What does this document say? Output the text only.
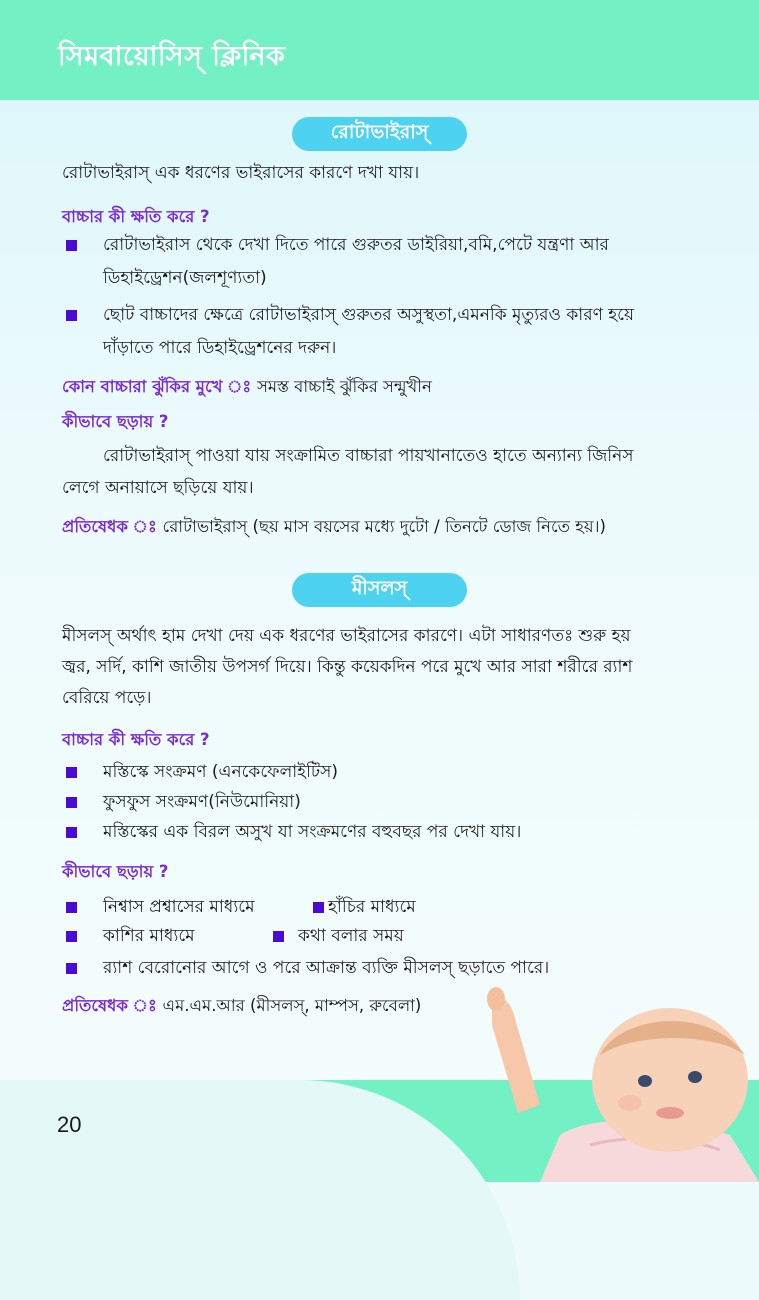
সিমবায়োসিস্ ক্লিনিক
রোটাভাইরাস্
রোটাভাইরাস্ এক ধরণের ভাইরাসের কারণে দখা যায়।
বাচ্চার কী ক্ষতি করে ?
রোটাভাইরাস থেকে দেখা দিতে পারে গুরুতর ডাইরিয়া,বমি,পেটে যন্ত্রণা আর
ডিহাইড্রেশন(জলশূণ্যতা)
ছোট বাচ্চাদের ক্ষেত্রে রোটাভাইরাস্ গুরুতর অসুস্থতা,এমনকি মৃত্যুরও কারণ হয়ে
দাঁড়াতে পারে ডিহাইড্রেশনের দরুন।
কোন বাচ্চারা ঝুঁকির মুখে ঃ সমস্ত বাচ্চাই ঝুঁকির সন্মুখীন
কীভাবে ছড়ায় ?
রোটাভাইরাস্ পাওয়া যায় সংক্রামিত বাচ্চারা পায়খানাতেও হাতে অন্যান্য জিনিস
লেগে অনায়াসে ছড়িয়ে যায়।
প্রতিষেধক ঃ রোটাভাইরাস্ (ছয় মাস বয়সের মধ্যে দুটো / তিনটে ডোজ নিতে হয়।)
মীসলস্
মীসলস্ অর্থাৎ হাম দেখা দেয় এক ধরণের ভাইরাসের কারণে। এটা সাধারণতঃ শুরু হয়
জ্বর, সর্দি, কাশি জাতীয় উপসর্গ দিয়ে। কিন্তু কয়েকদিন পরে মুখে আর সারা শরীরে র‍্যাশ
বেরিয়ে পড়ে।
বাচ্চার কী ক্ষতি করে ?
মস্তিস্কে সংক্রমণ (এনকেফেলাইটিস)
ফুসফুস সংক্রমণ(নিউমোনিয়া)
মস্তিস্কের এক বিরল অসুখ যা সংক্রমণের বহুবছর পর দেখা যায়।
কীভাবে ছড়ায় ?
নিশ্বাস প্রশ্বাসের মাধ্যমে	হাঁচির মাধ্যমে
কাশির মাধ্যমে	কথা বলার সময়
র‍্যাশ বেরোনোর আগে ও পরে আক্রান্ত ব্যক্তি মীসলস্ ছড়াতে পারে।
প্রতিষেধক ঃ এম.এম.আর (মীসলস্, মাম্পস, রুবেলা)
20
